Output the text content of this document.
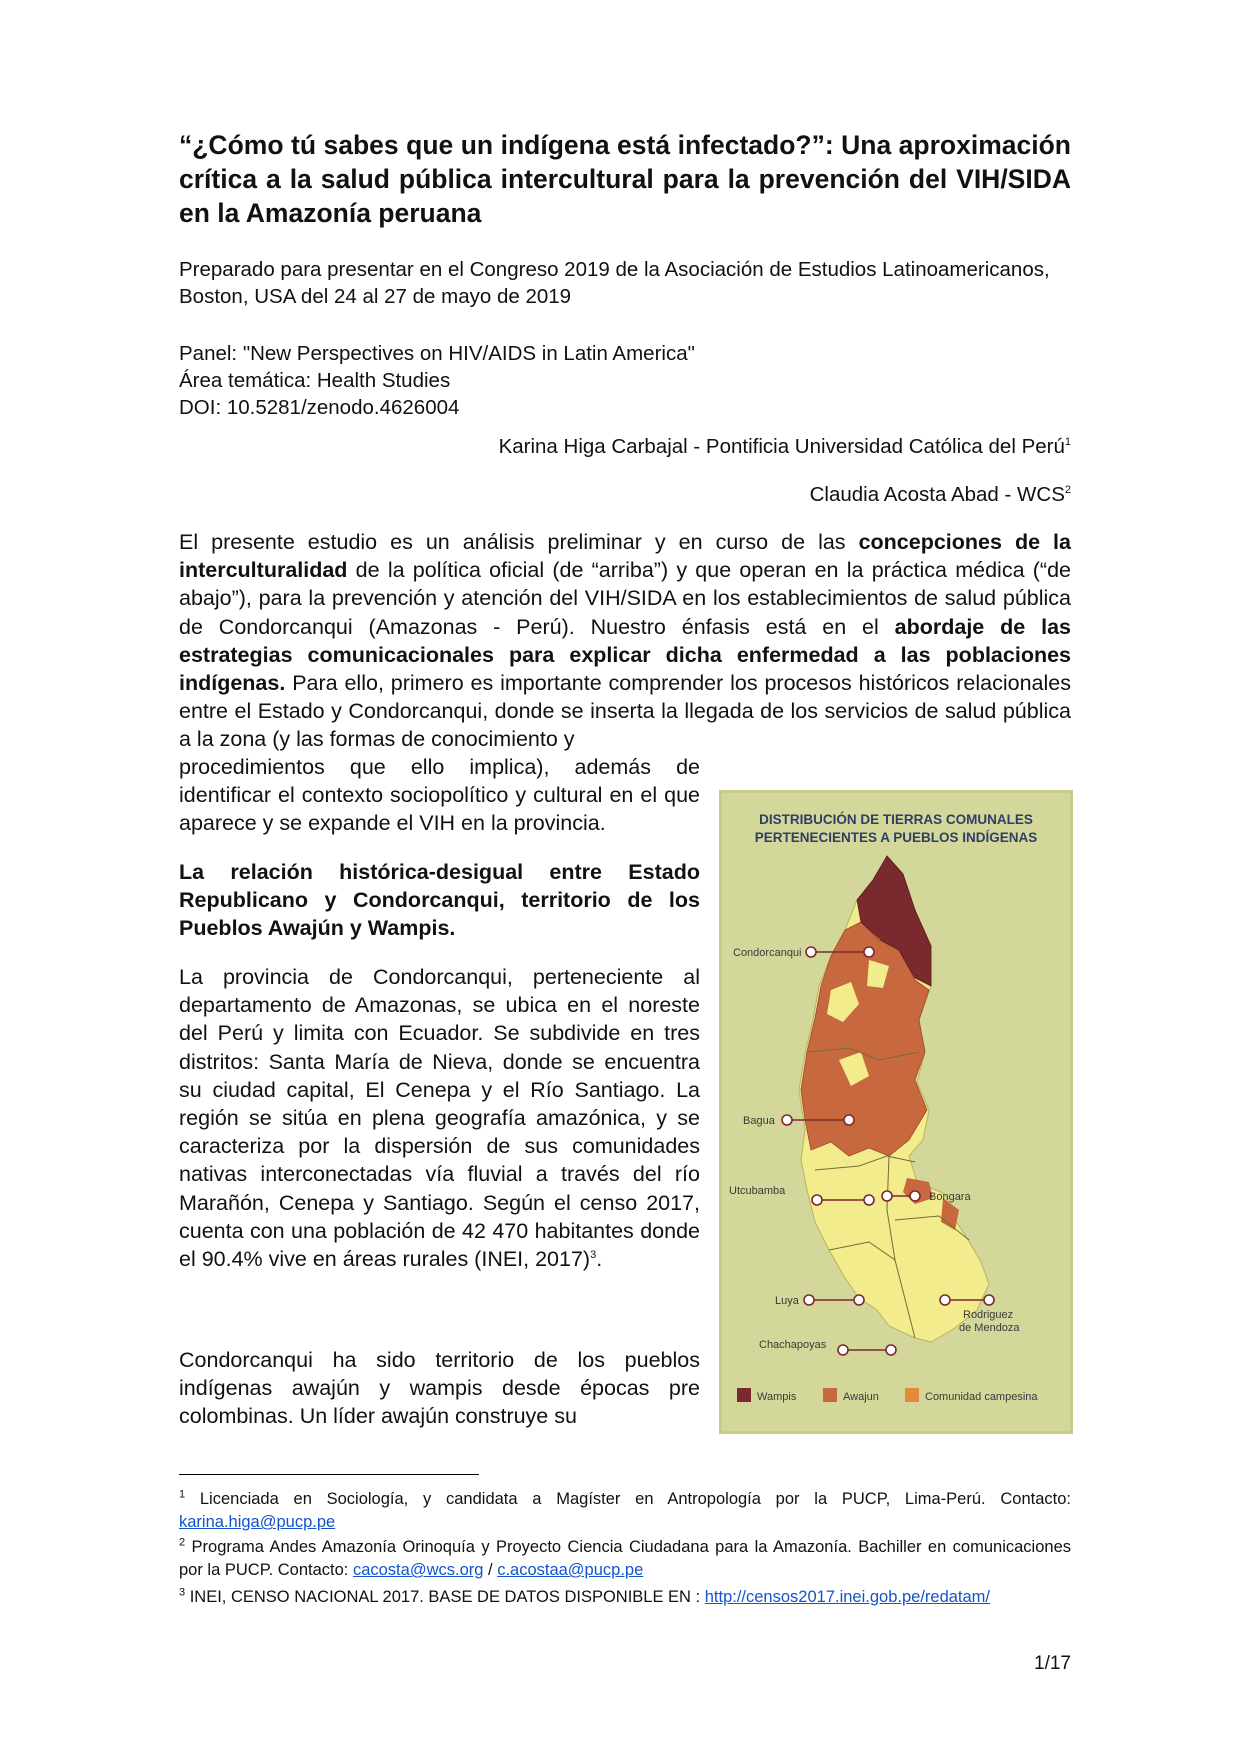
“¿Cómo tú sabes que un indígena está infectado?”: Una aproximación crítica a la salud pública intercultural para la prevención del VIH/SIDA en la Amazonía peruana

Preparado para presentar en el Congreso 2019 de la Asociación de Estudios Latinoamericanos, Boston, USA del 24 al 27 de mayo de 2019

Panel: "New Perspectives on HIV/AIDS in Latin America"

Área temática: Health Studies

DOI: 10.5281/zenodo.4626004

Karina Higa Carbajal - Pontificia Universidad Católica del Perú$^1$

Claudia Acosta Abad - WCS$^2$

El presente estudio es un análisis preliminar y en curso de las concepciones de la interculturalidad de la política oficial (de “arriba”) y que operan en la práctica médica (“de abajo”), para la prevención y atención del VIH/SIDA en los establecimientos de salud pública de Condorcanqui (Amazonas - Perú). Nuestro énfasis está en el abordaje de las estrategias comunicacionales para explicar dicha enfermedad a las poblaciones indígenas. Para ello, primero es importante comprender los procesos históricos relacionales entre el Estado y Condorcanqui, donde se inserta la llegada de los servicios de salud pública a la zona (y las formas de conocimiento y

procedimientos que ello implica), además de identificar el contexto sociopolítico y cultural en el que aparece y se expande el VIH en la provincia.

La relación histórica-desigual entre Estado Republicano y Condorcanqui, territorio de los Pueblos Awajún y Wampis.

La provincia de Condorcanqui, perteneciente al departamento de Amazonas, se ubica en el noreste del Perú y limita con Ecuador. Se subdivide en tres distritos: Santa María de Nieva, donde se encuentra su ciudad capital, El Cenepa y el Río Santiago. La región se sitúa en plena geografía amazónica, y se caracteriza por la dispersión de sus comunidades nativas interconectadas vía fluvial a través del río Marañón, Cenepa y Santiago. Según el censo 2017, cuenta con una población de 42 470 habitantes donde el 90.4% vive en áreas rurales (INEI, 2017)$^3$.

Condorcanqui ha sido territorio de los pueblos indígenas awajún y wampis desde épocas pre colombinas. Un líder awajún construye su

DISTRIBUCIÓN DE TIERRAS COMUNALES
PERTENECIENTES A PUEBLOS INDÍGENAS
Condorcanqui
Bagua
Utcubamba	Bongara
Luya
Rodriguez
de Mendoza
Chachapoyas
Wampis	Awajun	Comunidad campesina
$^1$ Licenciada en Sociología, y candidata a Magíster en Antropología por la PUCP, Lima-Perú. Contacto: karina.higa@pucp.pe
$^2$ Programa Andes Amazonía Orinoquía y Proyecto Ciencia Ciudadana para la Amazonía. Bachiller en comunicaciones por la PUCP. Contacto: cacosta@wcs.org / c.acostaa@pucp.pe
$^3$ INEI, CENSO NACIONAL 2017. BASE DE DATOS DISPONIBLE EN : http://censos2017.inei.gob.pe/redatam/
1/17
